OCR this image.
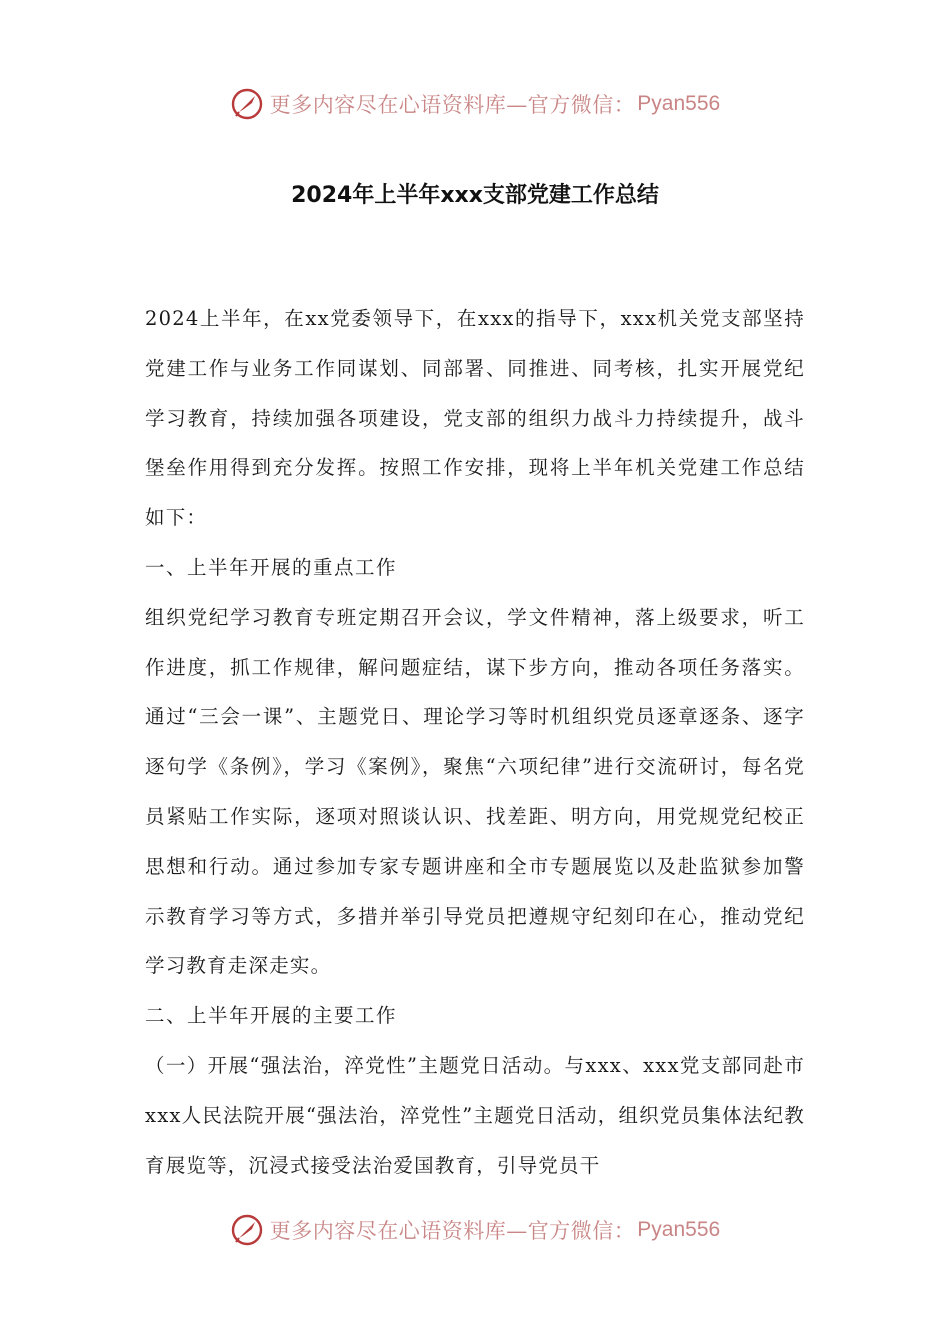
更多内容尽在心语资料库—官方微信： Pyan556
2024年上半年xxx支部党建工作总结

2024上半年，在xx党委领导下，在xxx的指导下，xxx机关党支部坚持党建工作与业务工作同谋划、同部署、同推进、同考核，扎实开展党纪学习教育，持续加强各项建设，党支部的组织力战斗力持续提升，战斗堡垒作用得到充分发挥。按照工作安排，现将上半年机关党建工作总结如下：

一、上半年开展的重点工作

组织党纪学习教育专班定期召开会议，学文件精神，落上级要求，听工作进度，抓工作规律，解问题症结，谋下步方向，推动各项任务落实。通过“三会一课”、主题党日、理论学习等时机组织党员逐章逐条、逐字逐句学《条例》，学习《案例》，聚焦“六项纪律”进行交流研讨，每名党员紧贴工作实际，逐项对照谈认识、找差距、明方向，用党规党纪校正思想和行动。通过参加专家专题讲座和全市专题展览以及赴监狱参加警示教育学习等方式，多措并举引导党员把遵规守纪刻印在心，推动党纪学习教育走深走实。

二、上半年开展的主要工作

（一）开展“强法治，淬党性”主题党日活动。与xxx、xxx党支部同赴市xxx人民法院开展“强法治，淬党性”主题党日活动，组织党员集体法纪教育展览等，沉浸式接受法治爱国教育，引导党员干

更多内容尽在心语资料库—官方微信： Pyan556
